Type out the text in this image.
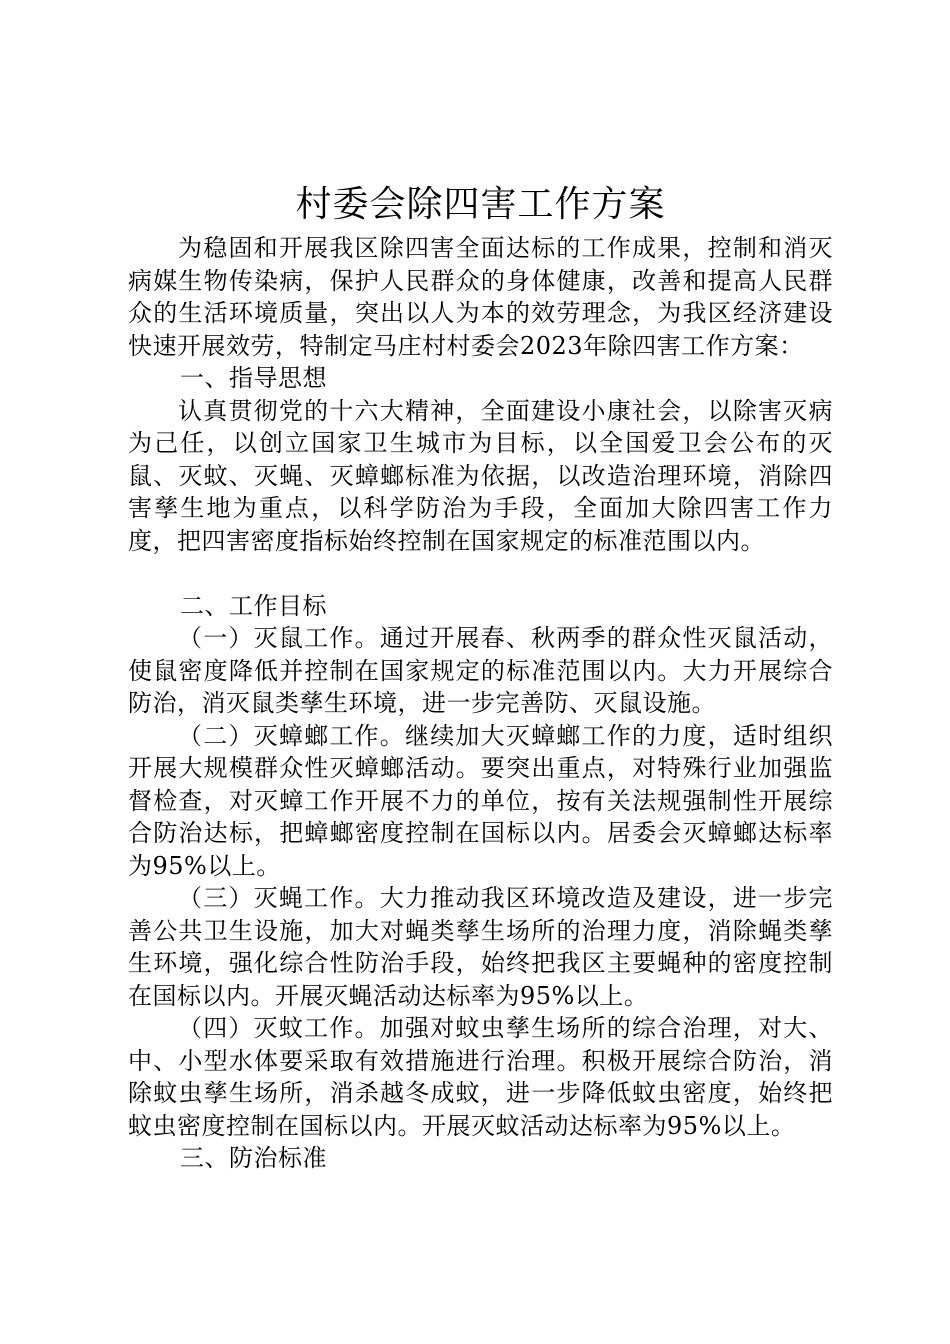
村委会除四害工作方案

为稳固和开展我区除四害全面达标的工作成果，控制和消灭病媒生物传染病，保护人民群众的身体健康，改善和提高人民群众的生活环境质量，突出以人为本的效劳理念，为我区经济建设快速开展效劳，特制定马庄村村委会2023年除四害工作方案：

一、指导思想

认真贯彻党的十六大精神，全面建设小康社会，以除害灭病为己任，以创立国家卫生城市为目标，以全国爱卫会公布的灭鼠、灭蚊、灭蝇、灭蟑螂标准为依据，以改造治理环境，消除四害孳生地为重点，以科学防治为手段，全面加大除四害工作力度，把四害密度指标始终控制在国家规定的标准范围以内。

二、工作目标

（一）灭鼠工作。通过开展春、秋两季的群众性灭鼠活动，使鼠密度降低并控制在国家规定的标准范围以内。大力开展综合防治，消灭鼠类孳生环境，进一步完善防、灭鼠设施。

（二）灭蟑螂工作。继续加大灭蟑螂工作的力度，适时组织开展大规模群众性灭蟑螂活动。要突出重点，对特殊行业加强监督检查，对灭蟑工作开展不力的单位，按有关法规强制性开展综合防治达标，把蟑螂密度控制在国标以内。居委会灭蟑螂达标率为95%以上。

（三）灭蝇工作。大力推动我区环境改造及建设，进一步完善公共卫生设施，加大对蝇类孳生场所的治理力度，消除蝇类孳生环境，强化综合性防治手段，始终把我区主要蝇种的密度控制在国标以内。开展灭蝇活动达标率为95%以上。

（四）灭蚊工作。加强对蚊虫孳生场所的综合治理，对大、中、小型水体要采取有效措施进行治理。积极开展综合防治，消除蚊虫孳生场所，消杀越冬成蚊，进一步降低蚊虫密度，始终把蚊虫密度控制在国标以内。开展灭蚊活动达标率为95%以上。

三、防治标准
